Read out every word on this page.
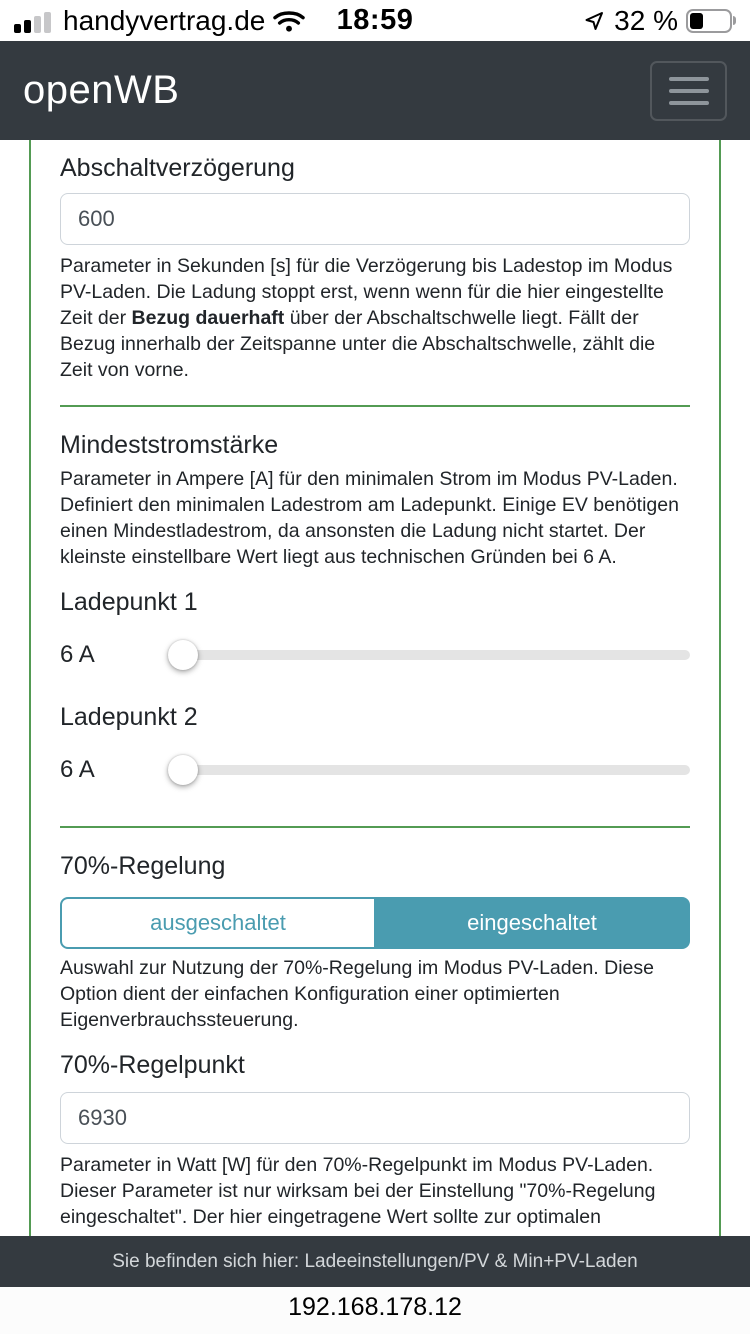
handyvertrag.de 18:59	32 %
openWB
Abschaltverzögerung
600

Parameter in Sekunden [s] für die Verzögerung bis Ladestop im Modus PV-Laden. Die Ladung stoppt erst, wenn wenn für die hier eingestellte Zeit der Bezug dauerhaft über der Abschaltschwelle liegt. Fällt der Bezug innerhalb der Zeitspanne unter die Abschaltschwelle, zählt die Zeit von vorne.

Mindeststromstärke

Parameter in Ampere [A] für den minimalen Strom im Modus PV-Laden. Definiert den minimalen Ladestrom am Ladepunkt. Einige EV benötigen einen Mindestladestrom, da ansonsten die Ladung nicht startet. Der kleinste einstellbare Wert liegt aus technischen Gründen bei 6 A.

Ladepunkt 1
6 A
Ladepunkt 2
6 A
70%-Regelung
ausgeschaltet	eingeschaltet

Auswahl zur Nutzung der 70%-Regelung im Modus PV-Laden. Diese Option dient der einfachen Konfiguration einer optimierten Eigenverbrauchssteuerung.

70%-Regelpunkt
6930

Parameter in Watt [W] für den 70%-Regelpunkt im Modus PV-Laden. Dieser Parameter ist nur wirksam bei der Einstellung "70%-Regelung eingeschaltet". Der hier eingetragene Wert sollte zur optimalen

Sie befinden sich hier: Ladeeinstellungen/PV & Min+PV-Laden
192.168.178.12
